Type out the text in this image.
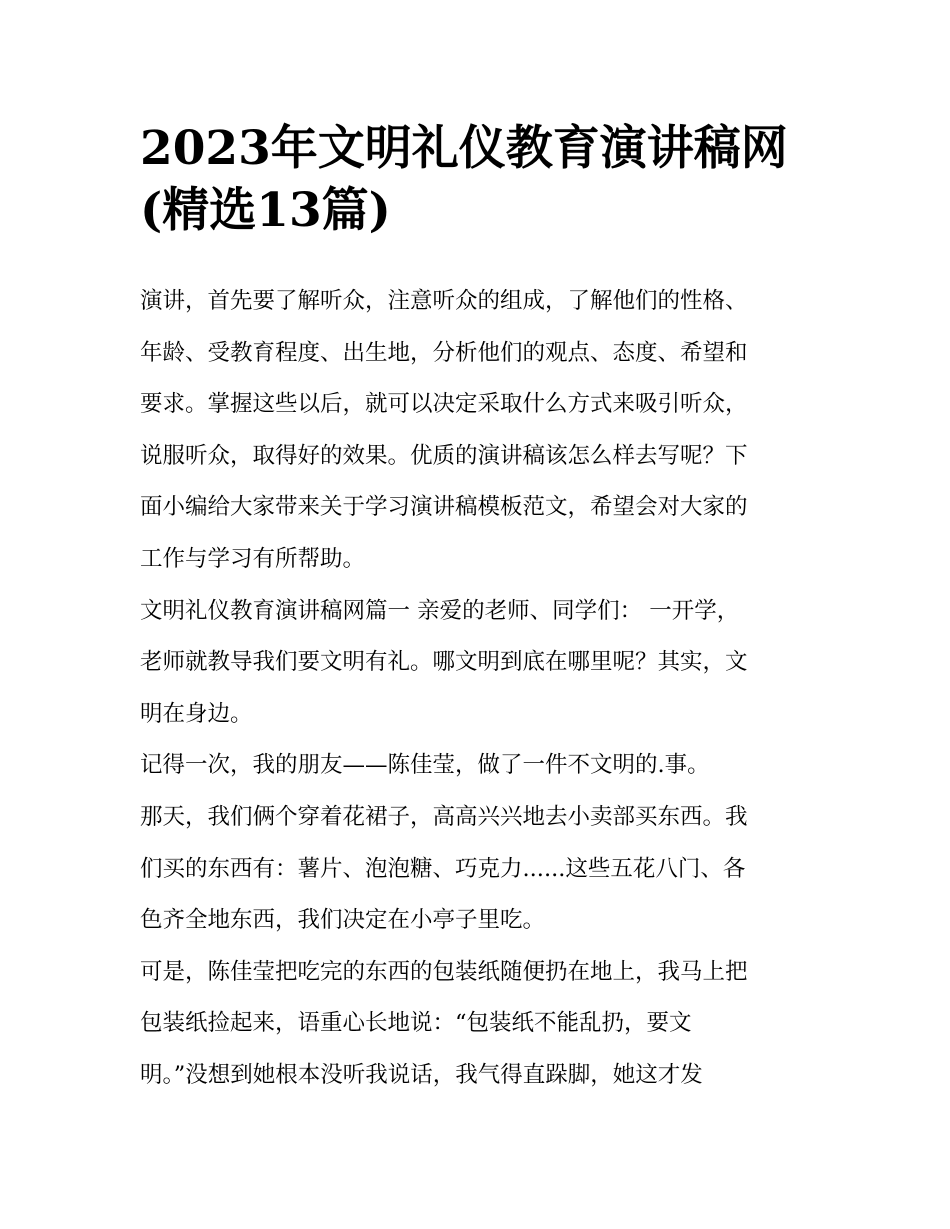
2023年文明礼仪教育演讲稿网
(精选13篇)
演讲，首先要了解听众，注意听众的组成，了解他们的性格、
年龄、受教育程度、出生地，分析他们的观点、态度、希望和
要求。掌握这些以后，就可以决定采取什么方式来吸引听众，
说服听众，取得好的效果。优质的演讲稿该怎么样去写呢？下
面小编给大家带来关于学习演讲稿模板范文，希望会对大家的
工作与学习有所帮助。
文明礼仪教育演讲稿网篇一 亲爱的老师、同学们： 一开学，
老师就教导我们要文明有礼。哪文明到底在哪里呢？其实，文
明在身边。
记得一次，我的朋友——陈佳莹，做了一件不文明的.事。
那天，我们俩个穿着花裙子，高高兴兴地去小卖部买东西。我
们买的东西有：薯片、泡泡糖、巧克力......这些五花八门、各
色齐全地东西，我们决定在小亭子里吃。
可是，陈佳莹把吃完的东西的包装纸随便扔在地上，我马上把
包装纸捡起来，语重心长地说：“包装纸不能乱扔，要文
明。”没想到她根本没听我说话，我气得直跺脚，她这才发
